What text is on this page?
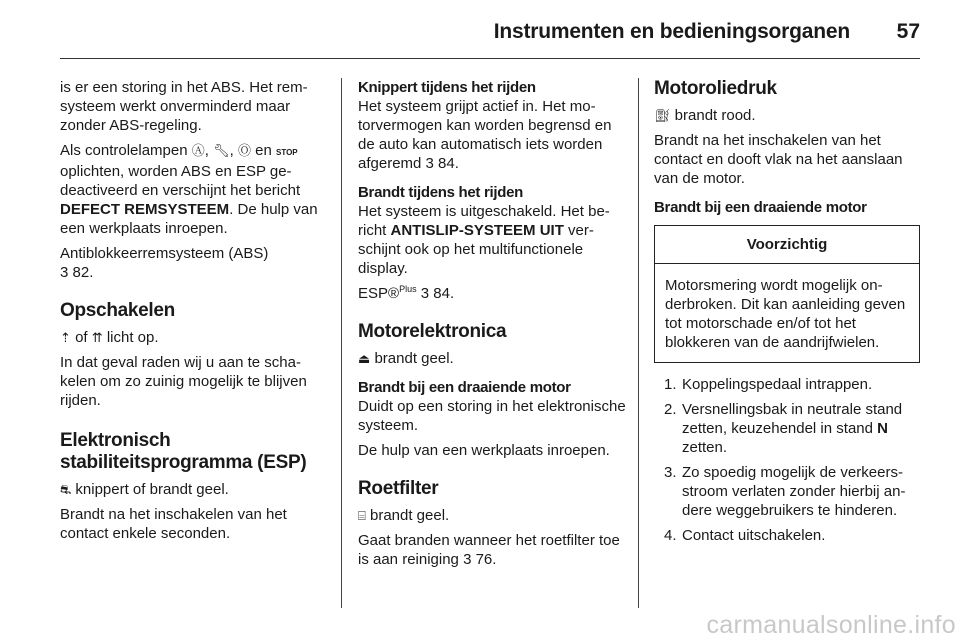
Instrumenten en bedieningsorganen 57

is er een storing in het ABS. Het remsysteem werkt onverminderd maar zonder ABS-regeling.

Als controlelampen Ⓐ, 🔧︎, Ⓞ en STOP oplichten, worden ABS en ESP gedeactiveerd en verschijnt het bericht DEFECT REMSYSTEEM. De hulp van een werkplaats inroepen.

Antiblokkeerremsysteem (ABS)
3 82.

Opschakelen

⇡ of ⇈ licht op.

In dat geval raden wij u aan te schakelen om zo zuinig mogelijk te blijven rijden.

Elektronisch
stabiliteitsprogramma (ESP)

⛐ knippert of brandt geel.

Brandt na het inschakelen van het contact enkele seconden.

Knippert tijdens het rijden

Het systeem grijpt actief in. Het motorvermogen kan worden begrensd en de auto kan automatisch iets worden afgeremd 3 84.

Brandt tijdens het rijden

Het systeem is uitgeschakeld. Het bericht ANTISLIP-SYSTEEM UIT verschijnt ook op het multifunctionele display.

ESP®$^{Plus}$ 3 84.

Motorelektronica

⏏ brandt geel.

Brandt bij een draaiende motor

Duidt op een storing in het elektronische systeem.

De hulp van een werkplaats inroepen.

Roetfilter

⌸ brandt geel.

Gaat branden wanneer het roetfilter toe is aan reiniging 3 76.

Motoroliedruk

⛽︎ brandt rood.

Brandt na het inschakelen van het contact en dooft vlak na het aanslaan van de motor.

Brandt bij een draaiende motor
Voorzichtig
Motorsmering wordt mogelijk onderbroken. Dit kan aanleiding geven tot motorschade en/of tot het blokkeren van de aandrijfwielen.
1. Koppelingspedaal intrappen.
2. Versnellingsbak in neutrale stand zetten, keuzehendel in stand N zetten.
3. Zo spoedig mogelijk de verkeersstroom verlaten zonder hierbij andere weggebruikers te hinderen.
4. Contact uitschakelen.
carmanualsonline.info
